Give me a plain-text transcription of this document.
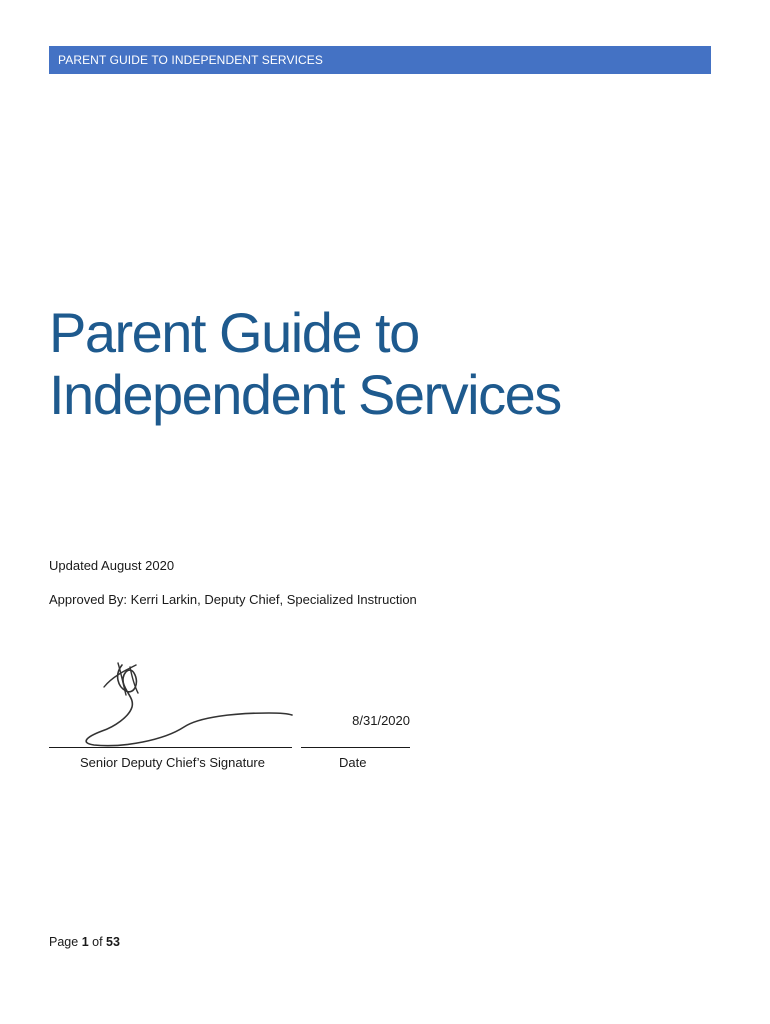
PARENT GUIDE TO INDEPENDENT SERVICES
Parent Guide to
Independent Services
Updated August 2020
Approved By: Kerri Larkin, Deputy Chief, Specialized Instruction
8/31/2020
Senior Deputy Chief’s Signature	Date
Page 1 of 53
